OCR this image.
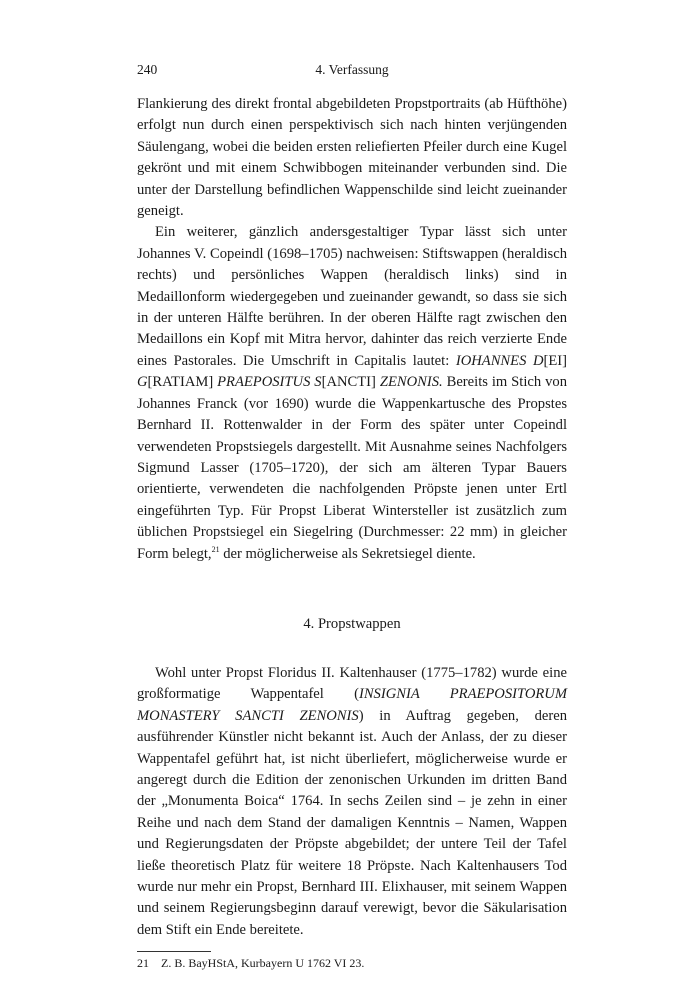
240	4. Verfassung

Flankierung des direkt frontal abgebildeten Propstportraits (ab Hüfthöhe) erfolgt nun durch einen perspektivisch sich nach hinten verjüngenden Säulengang, wobei die beiden ersten reliefierten Pfeiler durch eine Kugel gekrönt und mit einem Schwibbogen miteinander verbunden sind. Die unter der Darstellung befindlichen Wappenschilde sind leicht zueinander geneigt.

Ein weiterer, gänzlich andersgestaltiger Typar lässt sich unter Johannes V. Copeindl (1698–1705) nachweisen: Stiftswappen (heraldisch rechts) und persönliches Wappen (heraldisch links) sind in Medaillonform wiedergegeben und zueinander gewandt, so dass sie sich in der unteren Hälfte berühren. In der oberen Hälfte ragt zwischen den Medaillons ein Kopf mit Mitra hervor, dahinter das reich verzierte Ende eines Pastorales. Die Umschrift in Capitalis lautet: IOHANNES D[EI] G[RATIAM] PRAEPOSITUS S[ANCTI] ZENONIS. Bereits im Stich von Johannes Franck (vor 1690) wurde die Wappenkartusche des Propstes Bernhard II. Rottenwalder in der Form des später unter Copeindl verwendeten Propstsiegels dargestellt. Mit Ausnahme seines Nachfolgers Sigmund Lasser (1705–1720), der sich am älteren Typar Bauers orientierte, verwendeten die nachfolgenden Pröpste jenen unter Ertl eingeführten Typ. Für Propst Liberat Wintersteller ist zusätzlich zum üblichen Propstsiegel ein Siegelring (Durchmesser: 22 mm) in gleicher Form belegt,$^{21}$ der möglicherweise als Sekretsiegel diente.

4. Propstwappen

Wohl unter Propst Floridus II. Kaltenhauser (1775–1782) wurde eine großformatige Wappentafel (INSIGNIA PRAEPOSITORUM MONASTERY SANCTI ZENONIS) in Auftrag gegeben, deren ausführender Künstler nicht bekannt ist. Auch der Anlass, der zu dieser Wappentafel geführt hat, ist nicht überliefert, möglicherweise wurde er angeregt durch die Edition der zenonischen Urkunden im dritten Band der „Monumenta Boica“ 1764. In sechs Zeilen sind – je zehn in einer Reihe und nach dem Stand der damaligen Kenntnis – Namen, Wappen und Regierungsdaten der Pröpste abgebildet; der untere Teil der Tafel ließe theoretisch Platz für weitere 18 Pröpste. Nach Kaltenhausers Tod wurde nur mehr ein Propst, Bernhard III. Elixhauser, mit seinem Wappen und seinem Regierungsbeginn darauf verewigt, bevor die Säkularisation dem Stift ein Ende bereitete.

21 Z. B. BayHStA, Kurbayern U 1762 VI 23.
